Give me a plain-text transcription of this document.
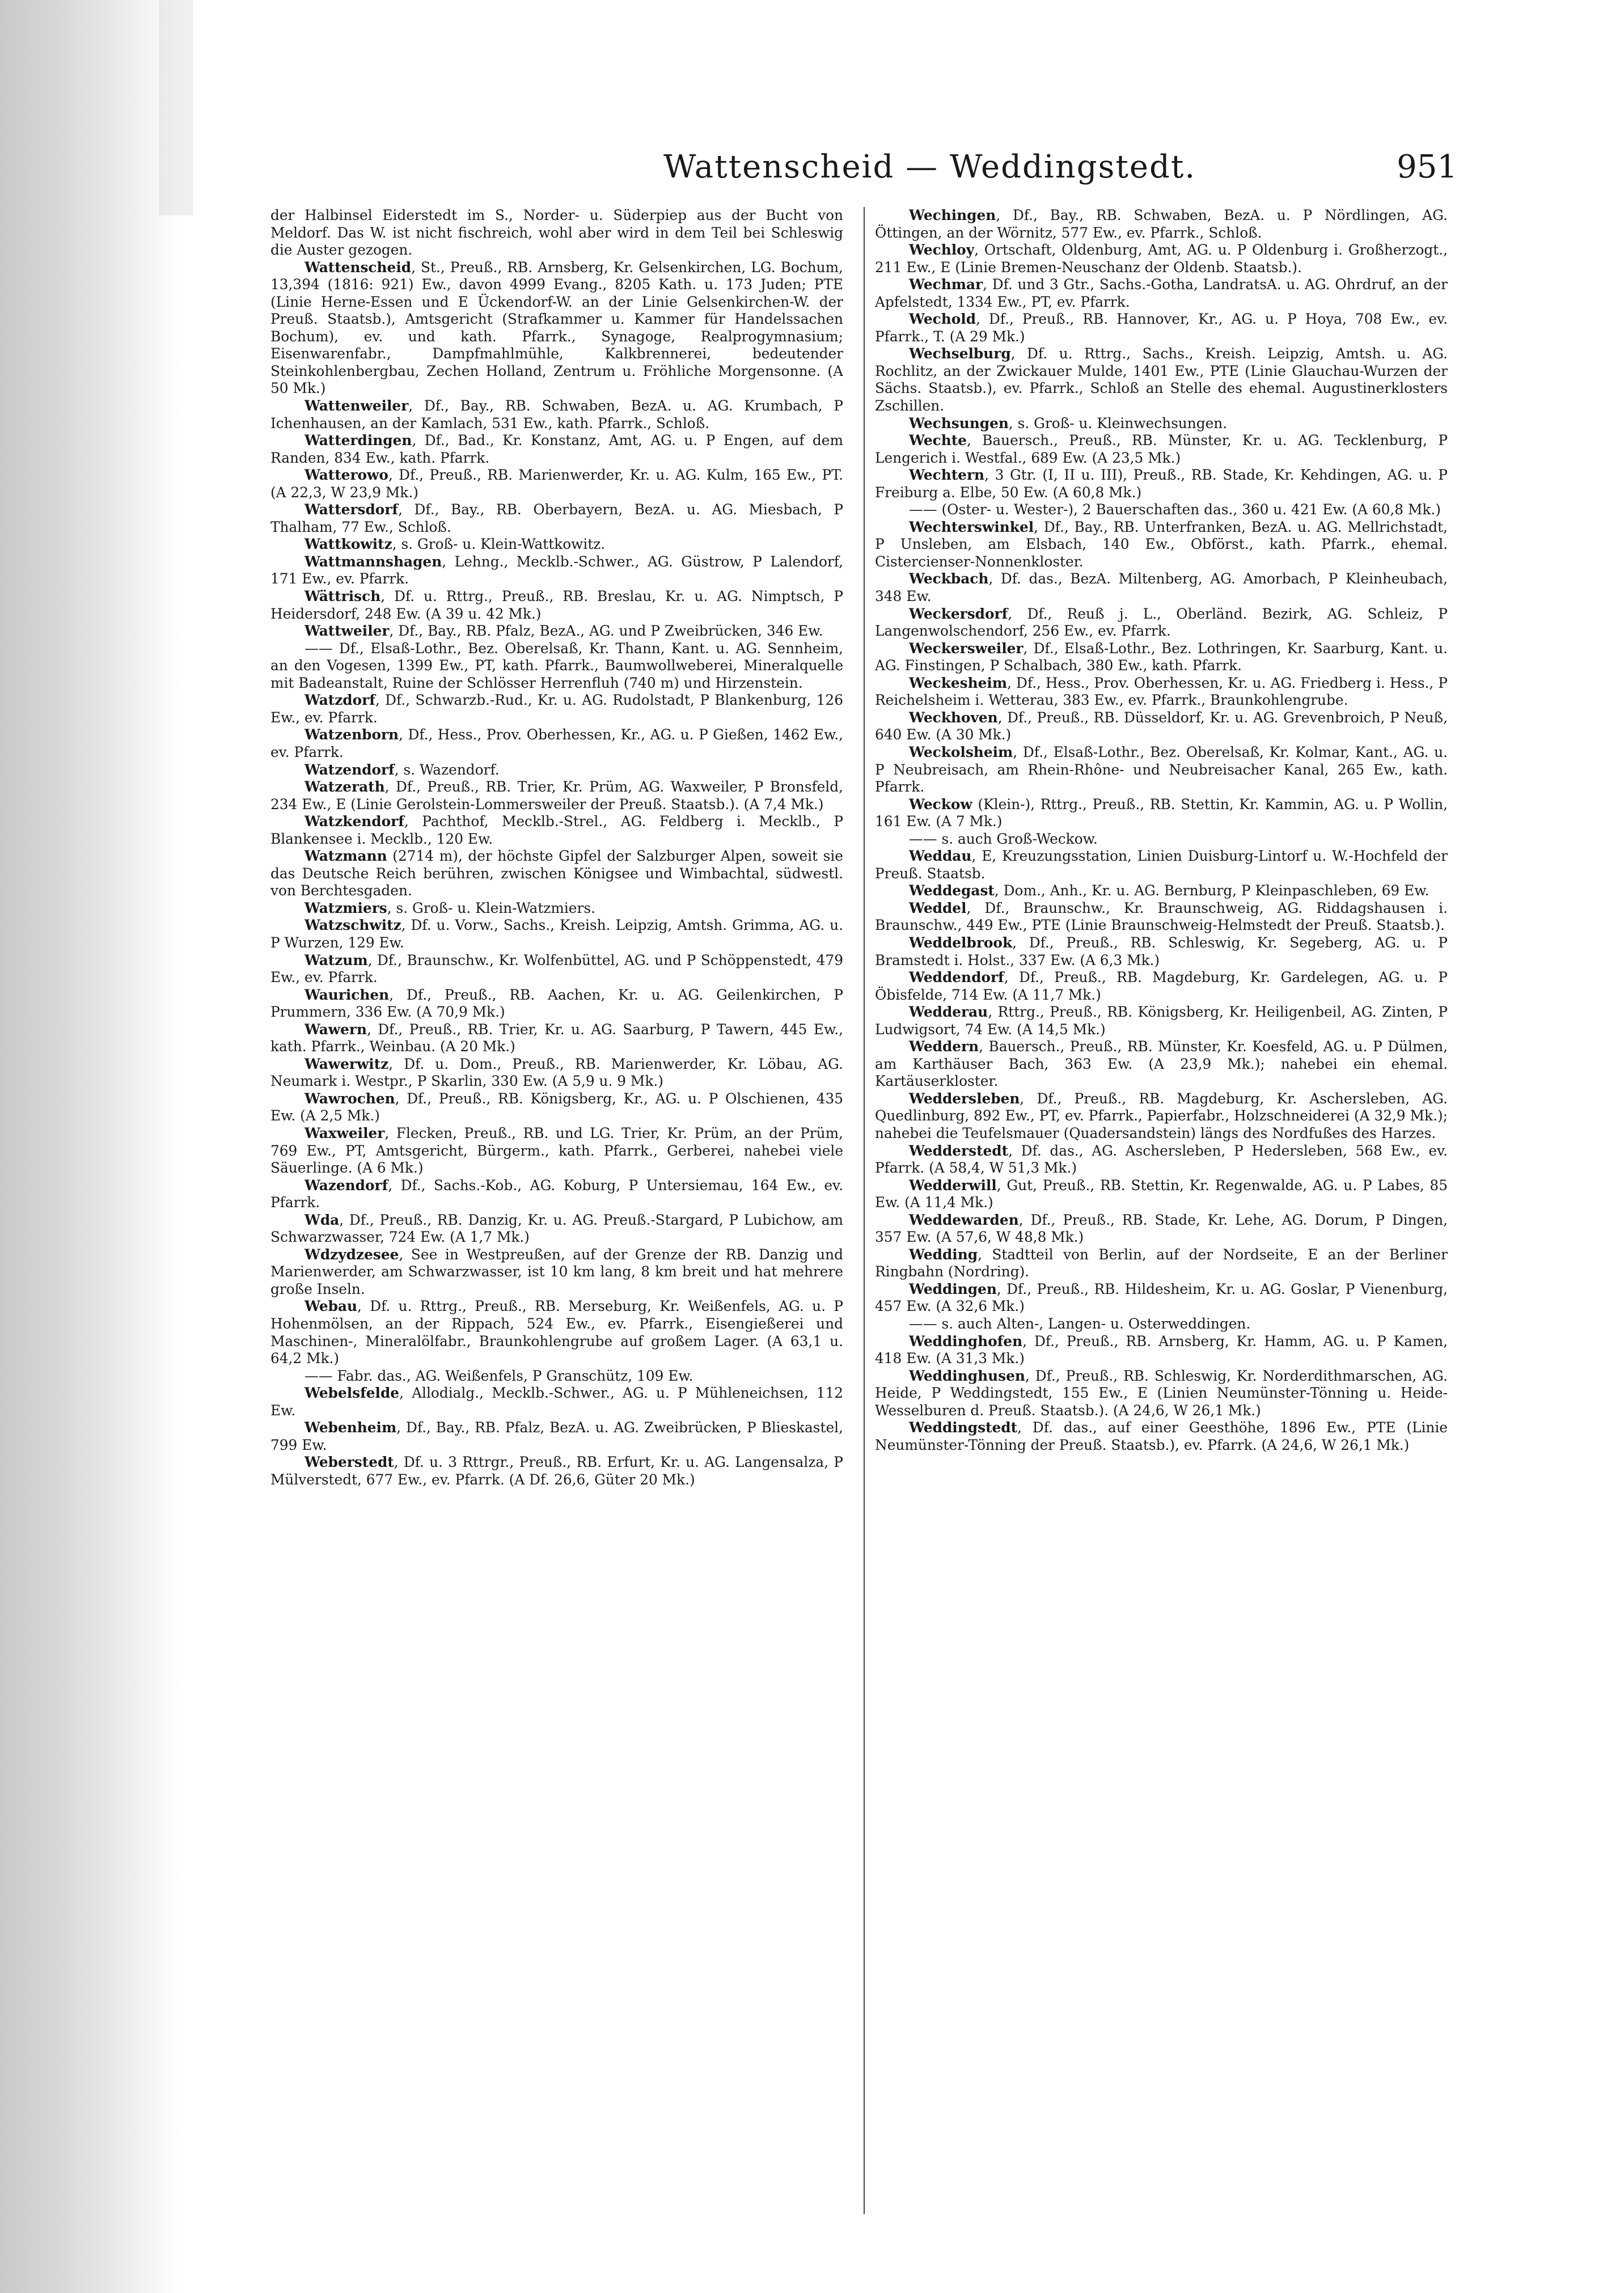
Wattenscheid — Weddingstedt.	951

der Halbinsel Eiderstedt im S., Norder- u. Süderpiep aus der Bucht von Meldorf. Das W. ist nicht fischreich, wohl aber wird in dem Teil bei Schleswig die Auster gezogen.

Wattenscheid, St., Preuß., RB. Arnsberg, Kr. Gelsenkirchen, LG. Bochum, 13,394 (1816: 921) Ew., davon 4999 Evang., 8205 Kath. u. 173 Juden; PTE (Linie Herne-Essen und E Ückendorf-W. an der Linie Gelsenkirchen-W. der Preuß. Staatsb.), Amtsgericht (Strafkammer u. Kammer für Handelssachen Bochum), ev. und kath. Pfarrk., Synagoge, Realprogymnasium; Eisenwarenfabr., Dampfmahlmühle, Kalkbrennerei, bedeutender Steinkohlenbergbau, Zechen Holland, Zentrum u. Fröhliche Morgensonne. (A 50 Mk.)

Wattenweiler, Df., Bay., RB. Schwaben, BezA. u. AG. Krumbach, P Ichenhausen, an der Kamlach, 531 Ew., kath. Pfarrk., Schloß.

Watterdingen, Df., Bad., Kr. Konstanz, Amt, AG. u. P Engen, auf dem Randen, 834 Ew., kath. Pfarrk.

Watterowo, Df., Preuß., RB. Marienwerder, Kr. u. AG. Kulm, 165 Ew., PT. (A 22,3, W 23,9 Mk.)

Wattersdorf, Df., Bay., RB. Oberbayern, BezA. u. AG. Miesbach, P Thalham, 77 Ew., Schloß.

Wattkowitz, s. Groß- u. Klein-Wattkowitz.

Wattmannshagen, Lehng., Mecklb.-Schwer., AG. Güstrow, P Lalendorf, 171 Ew., ev. Pfarrk.

Wättrisch, Df. u. Rttrg., Preuß., RB. Breslau, Kr. u. AG. Nimptsch, P Heidersdorf, 248 Ew. (A 39 u. 42 Mk.)

Wattweiler, Df., Bay., RB. Pfalz, BezA., AG. und P Zweibrücken, 346 Ew.

—— Df., Elsaß-Lothr., Bez. Oberelsaß, Kr. Thann, Kant. u. AG. Sennheim, an den Vogesen, 1399 Ew., PT, kath. Pfarrk., Baumwollweberei, Mineralquelle mit Badeanstalt, Ruine der Schlösser Herrenfluh (740 m) und Hirzenstein.

Watzdorf, Df., Schwarzb.-Rud., Kr. u. AG. Rudolstadt, P Blankenburg, 126 Ew., ev. Pfarrk.

Watzenborn, Df., Hess., Prov. Oberhessen, Kr., AG. u. P Gießen, 1462 Ew., ev. Pfarrk.

Watzendorf, s. Wazendorf.

Watzerath, Df., Preuß., RB. Trier, Kr. Prüm, AG. Waxweiler, P Bronsfeld, 234 Ew., E (Linie Gerolstein-Lommersweiler der Preuß. Staatsb.). (A 7,4 Mk.)

Watzkendorf, Pachthof, Mecklb.-Strel., AG. Feldberg i. Mecklb., P Blankensee i. Mecklb., 120 Ew.

Watzmann (2714 m), der höchste Gipfel der Salzburger Alpen, soweit sie das Deutsche Reich berühren, zwischen Königsee und Wimbachtal, südwestl. von Berchtesgaden.

Watzmiers, s. Groß- u. Klein-Watzmiers.

Watzschwitz, Df. u. Vorw., Sachs., Kreish. Leipzig, Amtsh. Grimma, AG. u. P Wurzen, 129 Ew.

Watzum, Df., Braunschw., Kr. Wolfenbüttel, AG. und P Schöppenstedt, 479 Ew., ev. Pfarrk.

Waurichen, Df., Preuß., RB. Aachen, Kr. u. AG. Geilenkirchen, P Prummern, 336 Ew. (A 70,9 Mk.)

Wawern, Df., Preuß., RB. Trier, Kr. u. AG. Saarburg, P Tawern, 445 Ew., kath. Pfarrk., Weinbau. (A 20 Mk.)

Wawerwitz, Df. u. Dom., Preuß., RB. Marienwerder, Kr. Löbau, AG. Neumark i. Westpr., P Skarlin, 330 Ew. (A 5,9 u. 9 Mk.)

Wawrochen, Df., Preuß., RB. Königsberg, Kr., AG. u. P Olschienen, 435 Ew. (A 2,5 Mk.)

Waxweiler, Flecken, Preuß., RB. und LG. Trier, Kr. Prüm, an der Prüm, 769 Ew., PT, Amtsgericht, Bürgerm., kath. Pfarrk., Gerberei, nahebei viele Säuerlinge. (A 6 Mk.)

Wazendorf, Df., Sachs.-Kob., AG. Koburg, P Untersiemau, 164 Ew., ev. Pfarrk.

Wda, Df., Preuß., RB. Danzig, Kr. u. AG. Preuß.-Stargard, P Lubichow, am Schwarzwasser, 724 Ew. (A 1,7 Mk.)

Wdzydzesee, See in Westpreußen, auf der Grenze der RB. Danzig und Marienwerder, am Schwarzwasser, ist 10 km lang, 8 km breit und hat mehrere große Inseln.

Webau, Df. u. Rttrg., Preuß., RB. Merseburg, Kr. Weißenfels, AG. u. P Hohenmölsen, an der Rippach, 524 Ew., ev. Pfarrk., Eisengießerei und Maschinen-, Mineralölfabr., Braunkohlengrube auf großem Lager. (A 63,1 u. 64,2 Mk.)

—— Fabr. das., AG. Weißenfels, P Granschütz, 109 Ew.

Webelsfelde, Allodialg., Mecklb.-Schwer., AG. u. P Mühleneichsen, 112 Ew.

Webenheim, Df., Bay., RB. Pfalz, BezA. u. AG. Zweibrücken, P Blieskastel, 799 Ew.

Weberstedt, Df. u. 3 Rttrgr., Preuß., RB. Erfurt, Kr. u. AG. Langensalza, P Mülverstedt, 677 Ew., ev. Pfarrk. (A Df. 26,6, Güter 20 Mk.)

Wechingen, Df., Bay., RB. Schwaben, BezA. u. P Nördlingen, AG. Öttingen, an der Wörnitz, 577 Ew., ev. Pfarrk., Schloß.

Wechloy, Ortschaft, Oldenburg, Amt, AG. u. P Oldenburg i. Großherzogt., 211 Ew., E (Linie Bremen-Neuschanz der Oldenb. Staatsb.).

Wechmar, Df. und 3 Gtr., Sachs.-Gotha, LandratsA. u. AG. Ohrdruf, an der Apfelstedt, 1334 Ew., PT, ev. Pfarrk.

Wechold, Df., Preuß., RB. Hannover, Kr., AG. u. P Hoya, 708 Ew., ev. Pfarrk., T. (A 29 Mk.)

Wechselburg, Df. u. Rttrg., Sachs., Kreish. Leipzig, Amtsh. u. AG. Rochlitz, an der Zwickauer Mulde, 1401 Ew., PTE (Linie Glauchau-Wurzen der Sächs. Staatsb.), ev. Pfarrk., Schloß an Stelle des ehemal. Augustinerklosters Zschillen.

Wechsungen, s. Groß- u. Kleinwechsungen.

Wechte, Bauersch., Preuß., RB. Münster, Kr. u. AG. Tecklenburg, P Lengerich i. Westfal., 689 Ew. (A 23,5 Mk.)

Wechtern, 3 Gtr. (I, II u. III), Preuß., RB. Stade, Kr. Kehdingen, AG. u. P Freiburg a. Elbe, 50 Ew. (A 60,8 Mk.)

—— (Oster- u. Wester-), 2 Bauerschaften das., 360 u. 421 Ew. (A 60,8 Mk.)

Wechterswinkel, Df., Bay., RB. Unterfranken, BezA. u. AG. Mellrichstadt, P Unsleben, am Elsbach, 140 Ew., Obförst., kath. Pfarrk., ehemal. Cistercienser-Nonnenkloster.

Weckbach, Df. das., BezA. Miltenberg, AG. Amorbach, P Kleinheubach, 348 Ew.

Weckersdorf, Df., Reuß j. L., Oberländ. Bezirk, AG. Schleiz, P Langenwolschendorf, 256 Ew., ev. Pfarrk.

Weckersweiler, Df., Elsaß-Lothr., Bez. Lothringen, Kr. Saarburg, Kant. u. AG. Finstingen, P Schalbach, 380 Ew., kath. Pfarrk.

Weckesheim, Df., Hess., Prov. Oberhessen, Kr. u. AG. Friedberg i. Hess., P Reichelsheim i. Wetterau, 383 Ew., ev. Pfarrk., Braunkohlengrube.

Weckhoven, Df., Preuß., RB. Düsseldorf, Kr. u. AG. Grevenbroich, P Neuß, 640 Ew. (A 30 Mk.)

Weckolsheim, Df., Elsaß-Lothr., Bez. Oberelsaß, Kr. Kolmar, Kant., AG. u. P Neubreisach, am Rhein-Rhône- und Neubreisacher Kanal, 265 Ew., kath. Pfarrk.

Weckow (Klein-), Rttrg., Preuß., RB. Stettin, Kr. Kammin, AG. u. P Wollin, 161 Ew. (A 7 Mk.)

—— s. auch Groß-Weckow.

Weddau, E, Kreuzungsstation, Linien Duisburg-Lintorf u. W.-Hochfeld der Preuß. Staatsb.

Weddegast, Dom., Anh., Kr. u. AG. Bernburg, P Kleinpaschleben, 69 Ew.

Weddel, Df., Braunschw., Kr. Braunschweig, AG. Riddagshausen i. Braunschw., 449 Ew., PTE (Linie Braunschweig-Helmstedt der Preuß. Staatsb.).

Weddelbrook, Df., Preuß., RB. Schleswig, Kr. Segeberg, AG. u. P Bramstedt i. Holst., 337 Ew. (A 6,3 Mk.)

Weddendorf, Df., Preuß., RB. Magdeburg, Kr. Gardelegen, AG. u. P Öbisfelde, 714 Ew. (A 11,7 Mk.)

Wedderau, Rttrg., Preuß., RB. Königsberg, Kr. Heiligenbeil, AG. Zinten, P Ludwigsort, 74 Ew. (A 14,5 Mk.)

Weddern, Bauersch., Preuß., RB. Münster, Kr. Koesfeld, AG. u. P Dülmen, am Karthäuser Bach, 363 Ew. (A 23,9 Mk.); nahebei ein ehemal. Kartäuserkloster.

Weddersleben, Df., Preuß., RB. Magdeburg, Kr. Aschersleben, AG. Quedlinburg, 892 Ew., PT, ev. Pfarrk., Papierfabr., Holzschneiderei (A 32,9 Mk.); nahebei die Teufelsmauer (Quadersandstein) längs des Nordfußes des Harzes.

Wedderstedt, Df. das., AG. Aschersleben, P Hedersleben, 568 Ew., ev. Pfarrk. (A 58,4, W 51,3 Mk.)

Wedderwill, Gut, Preuß., RB. Stettin, Kr. Regenwalde, AG. u. P Labes, 85 Ew. (A 11,4 Mk.)

Weddewarden, Df., Preuß., RB. Stade, Kr. Lehe, AG. Dorum, P Dingen, 357 Ew. (A 57,6, W 48,8 Mk.)

Wedding, Stadtteil von Berlin, auf der Nordseite, E an der Berliner Ringbahn (Nordring).

Weddingen, Df., Preuß., RB. Hildesheim, Kr. u. AG. Goslar, P Vienenburg, 457 Ew. (A 32,6 Mk.)

—— s. auch Alten-, Langen- u. Osterweddingen.

Weddinghofen, Df., Preuß., RB. Arnsberg, Kr. Hamm, AG. u. P Kamen, 418 Ew. (A 31,3 Mk.)

Weddinghusen, Df., Preuß., RB. Schleswig, Kr. Norderdithmarschen, AG. Heide, P Weddingstedt, 155 Ew., E (Linien Neumünster-Tönning u. Heide-Wesselburen d. Preuß. Staatsb.). (A 24,6, W 26,1 Mk.)

Weddingstedt, Df. das., auf einer Geesthöhe, 1896 Ew., PTE (Linie Neumünster-Tönning der Preuß. Staatsb.), ev. Pfarrk. (A 24,6, W 26,1 Mk.)
